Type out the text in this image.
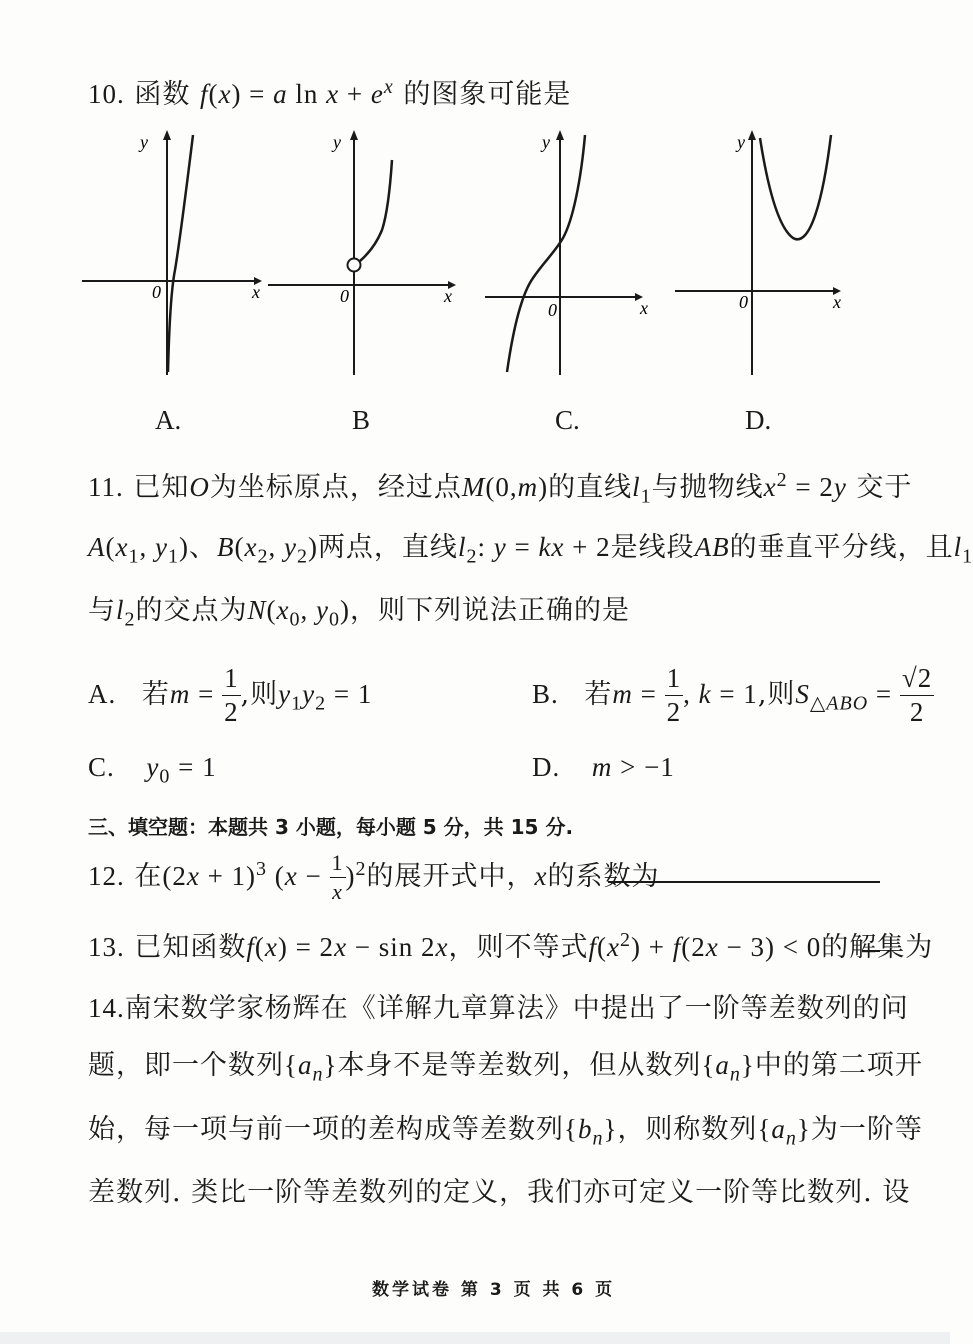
10. 函数 f(x) = a $\ln x + e^x$ 的图象可能是
y
x
0
y
x
0
y
x
0
y
x
0
A.	B	C.	D.
11. 已知O为坐标原点，经过点M(0,m)的直线$l_1$与抛物线$x^2 = 2y$ 交于
$A(x_1$, $y_1$)、$B(x_2$, $y_2$)两点，直线$l_2$: y = kx + 2是线段AB的垂直平分线，且$l_1$
与$l_2$的交点为$N(x_0$, $y_0$)，则下列说法正确的是
A. 若$m = \frac{1}{2}$ ,则$y_1y_2 = 1$	B. 若$m = \frac{1}{2}$ , k = 1,则$S_{\triangle ABO} = \frac{√2}{2}$
C. $y_0 = 1$	D. m > −1
三、填空题：本题共 3 小题，每小题 5 分，共 15 分.
12. 在$(2x + 1)^3$ $(x - \frac{1}{x} )^2$的展开式中，x的系数为
13. 已知函数f(x) = 2x − sin 2x，则不等式$f(x^2) + f(2x - 3) < 0$的解集为
14.南宋数学家杨辉在《详解九章算法》中提出了一阶等差数列的问
题，即一个数列$\{a_n\}$本身不是等差数列，但从数列$\{a_n\}$中的第二项开
始，每一项与前一项的差构成等差数列$\{b_n\}$，则称数列$\{a_n\}$为一阶等
差数列. 类比一阶等差数列的定义，我们亦可定义一阶等比数列. 设
数学试卷 第 3 页 共 6 页
